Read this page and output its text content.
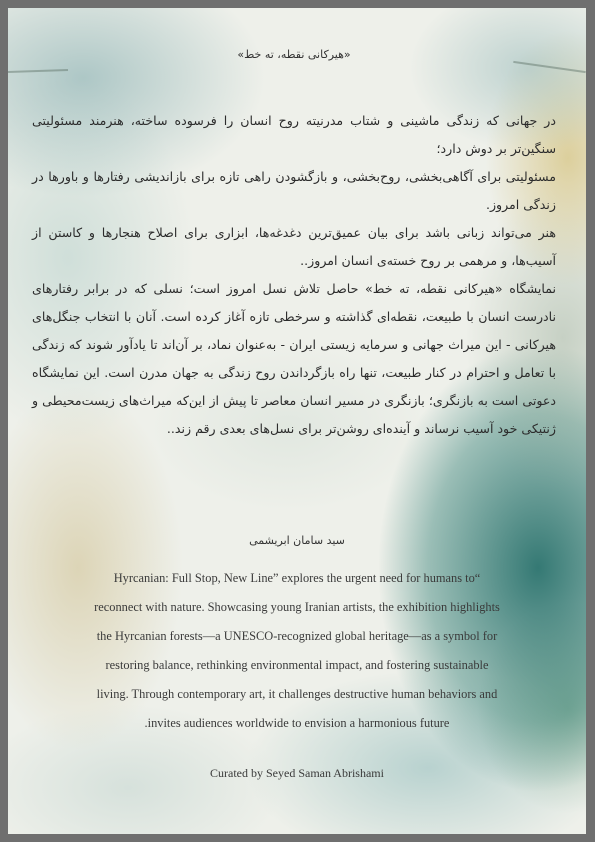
«هیرکانی نقطه، ته خط»

در جهانی که زندگی ماشینی و شتاب مدرنیته روح انسان را فرسوده ساخته، هنرمند مسئولیتی سنگین‌تر بر دوش دارد؛

مسئولیتی برای آگاهی‌بخشی، روح‌بخشی، و بازگشودن راهی تازه برای بازاندیشی رفتارها و باورها در زندگی امروز.

هنر می‌تواند زبانی باشد برای بیان عمیق‌ترین دغدغه‌ها، ابزاری برای اصلاح هنجارها و کاستن از آسیب‌ها، و مرهمی بر روح خسته‌ی انسان امروز..

نمایشگاه «هیرکانی نقطه، ته خط» حاصل تلاش نسل امروز است؛ نسلی که در برابر رفتارهای نادرست انسان با طبیعت، نقطه‌ای گذاشته و سرخطی تازه آغاز کرده است. آنان با انتخاب جنگل‌های هیرکانی - این میراث جهانی و سرمایه زیستی ایران - به‌عنوان نماد، بر آن‌اند تا یادآور شوند که زندگی با تعامل و احترام در کنار طبیعت، تنها راه بازگرداندن روح زندگی به جهان مدرن است. این نمایشگاه دعوتی است به بازنگری؛ بازنگری در مسیر انسان معاصر تا پیش از این‌که میراث‌های زیست‌محیطی و ژنتیکی خود آسیب نرساند و آینده‌ای روشن‌تر برای نسل‌های بعدی رقم زند..

سید سامان ابریشمی
Hyrcanian: Full Stop, New Line” explores the urgent need for humans to“
reconnect with nature. Showcasing young Iranian artists, the exhibition highlights
the Hyrcanian forests—a UNESCO-recognized global heritage—as a symbol for
restoring balance, rethinking environmental impact, and fostering sustainable
living. Through contemporary art, it challenges destructive human behaviors and
.invites audiences worldwide to envision a harmonious future
Curated by Seyed Saman Abrishami
